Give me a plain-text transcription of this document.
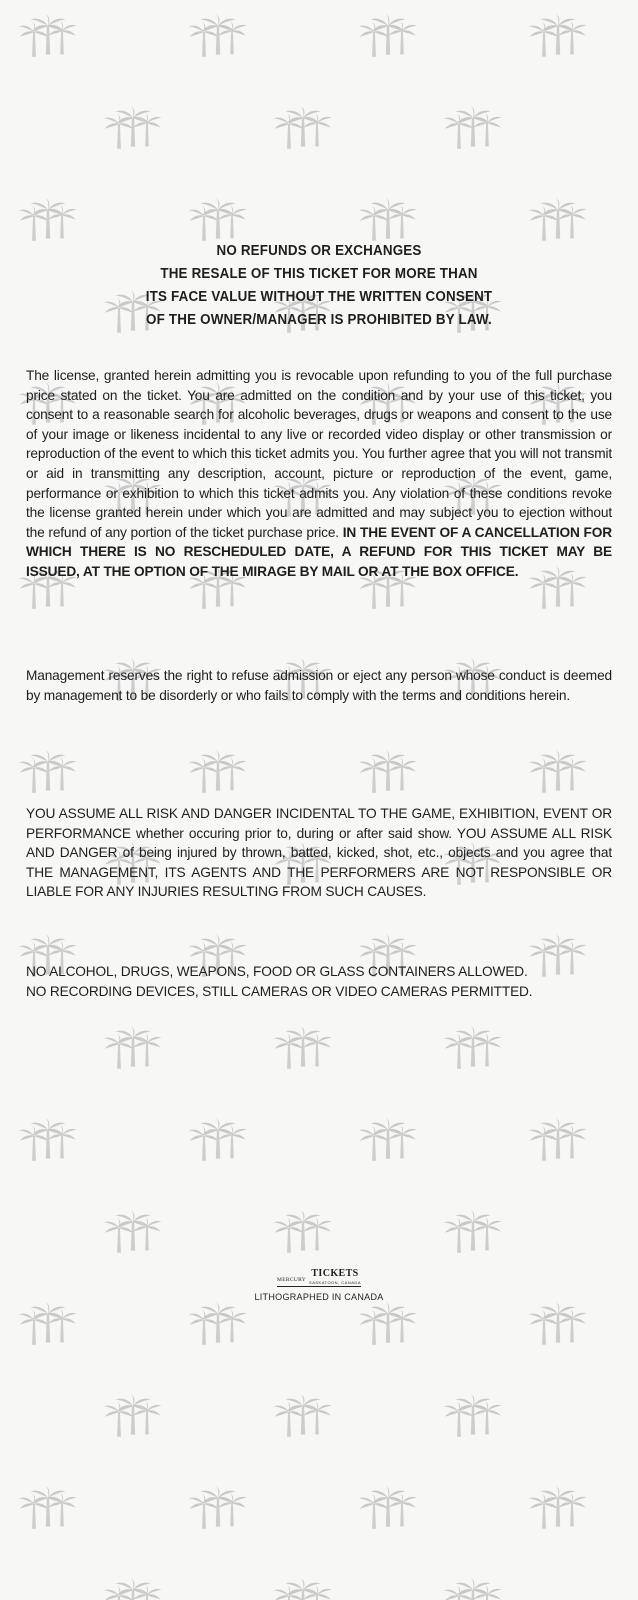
NO REFUNDS OR EXCHANGES
THE RESALE OF THIS TICKET FOR MORE THAN
ITS FACE VALUE WITHOUT THE WRITTEN CONSENT
OF THE OWNER/MANAGER IS PROHIBITED BY LAW.

The license, granted herein admitting you is revocable upon refunding to you of the full purchase price stated on the ticket. You are admitted on the condition and by your use of this ticket, you consent to a reasonable search for alcoholic beverages, drugs or weapons and consent to the use of your image or likeness incidental to any live or recorded video display or other transmission or reproduction of the event to which this ticket admits you. You further agree that you will not transmit or aid in transmitting any description, account, picture or reproduction of the event, game, performance or exhibition to which this ticket admits you. Any violation of these conditions revoke the license granted herein under which you are admitted and may subject you to ejection without the refund of any portion of the ticket purchase price. IN THE EVENT OF A CANCELLATION FOR WHICH THERE IS NO RESCHEDULED DATE, A REFUND FOR THIS TICKET MAY BE ISSUED, AT THE OPTION OF THE MIRAGE BY MAIL OR AT THE BOX OFFICE.

Management reserves the right to refuse admission or eject any person whose conduct is deemed by management to be disorderly or who fails to comply with the terms and conditions herein.

YOU ASSUME ALL RISK AND DANGER INCIDENTAL TO THE GAME, EXHIBITION, EVENT OR PERFORMANCE whether occuring prior to, during or after said show. YOU ASSUME ALL RISK AND DANGER of being injured by thrown, batted, kicked, shot, etc., objects and you agree that THE MANAGEMENT, ITS AGENTS AND THE PERFORMERS ARE NOT RESPONSIBLE OR LIABLE FOR ANY INJURIES RESULTING FROM SUCH CAUSES.

NO ALCOHOL, DRUGS, WEAPONS, FOOD OR GLASS CONTAINERS ALLOWED.
NO RECORDING DEVICES, STILL CAMERAS OR VIDEO CAMERAS PERMITTED.

MERCURY
TICKETS
SASKATOON, CANADA
LITHOGRAPHED IN CANADA
